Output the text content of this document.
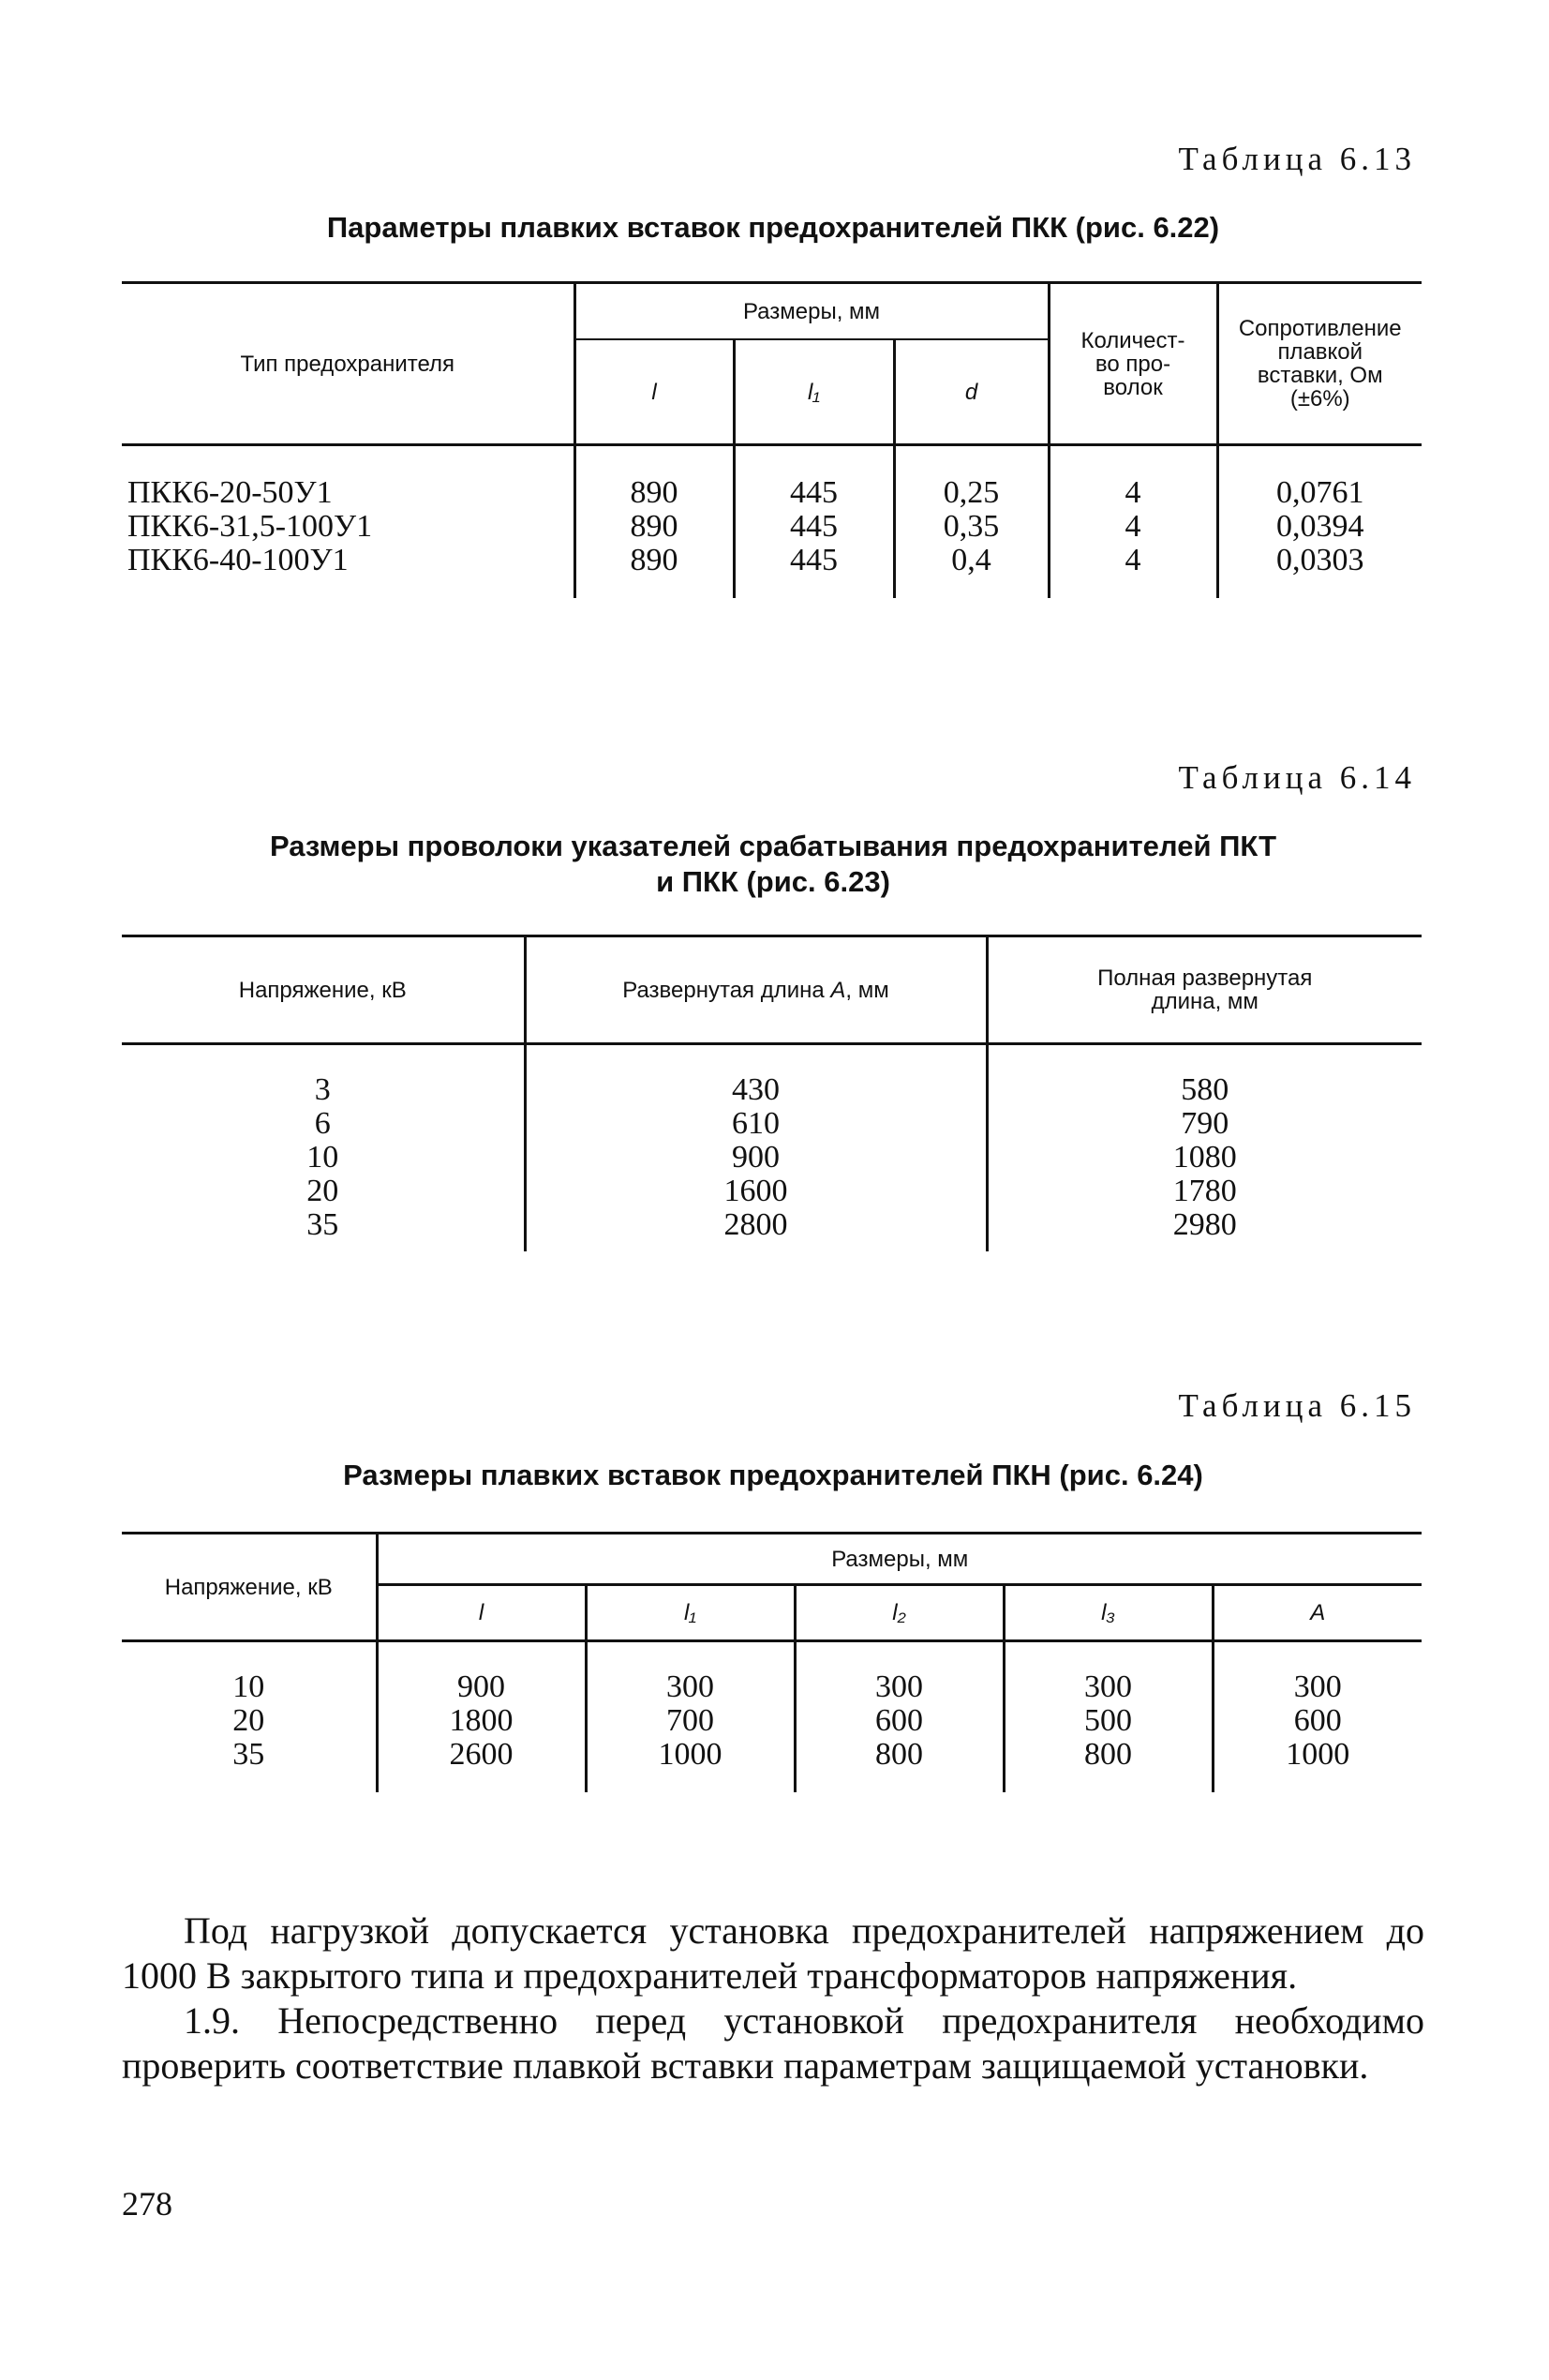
Таблица 6.13
Параметры плавких вставок предохранителей ПКК (рис. 6.22)
Тип предохранителя	Размеры, мм			Количест-
во про-
волок	Сопротивление
плавкой
вставки, Ом
(±6%)

	l	l₁	d		
ПКК6-20-50У1	890	445	0,25	4	0,0761
ПКК6-31,5-100У1	890	445	0,35	4	0,0394
ПКК6-40-100У1	890	445	0,4	4	0,0303
Таблица 6.14
Размеры проволоки указателей срабатывания предохранителей ПКТ
и ПКК (рис. 6.23)
Напряжение, кВ	Развернутая длина A, мм	Полная развернутая
длина, мм

3	430	580
6	610	790
10	900	1080
20	1600	1780
35	2800	2980
Таблица 6.15
Размеры плавких вставок предохранителей ПКН (рис. 6.24)
Напряжение, кВ	Размеры, мм				
	l	l₁	l₂	l₃	A
10	900	300	300	300	300
20	1800	700	600	500	600
35	2600	1000	800	800	1000

Под нагрузкой допускается установка предохранителей напряжением до 1000 В закрытого типа и предохранителей трансформаторов напряжения.

1.9. Непосредственно перед установкой предохранителя необходимо проверить соответствие плавкой вставки параметрам защищаемой установки.

278
